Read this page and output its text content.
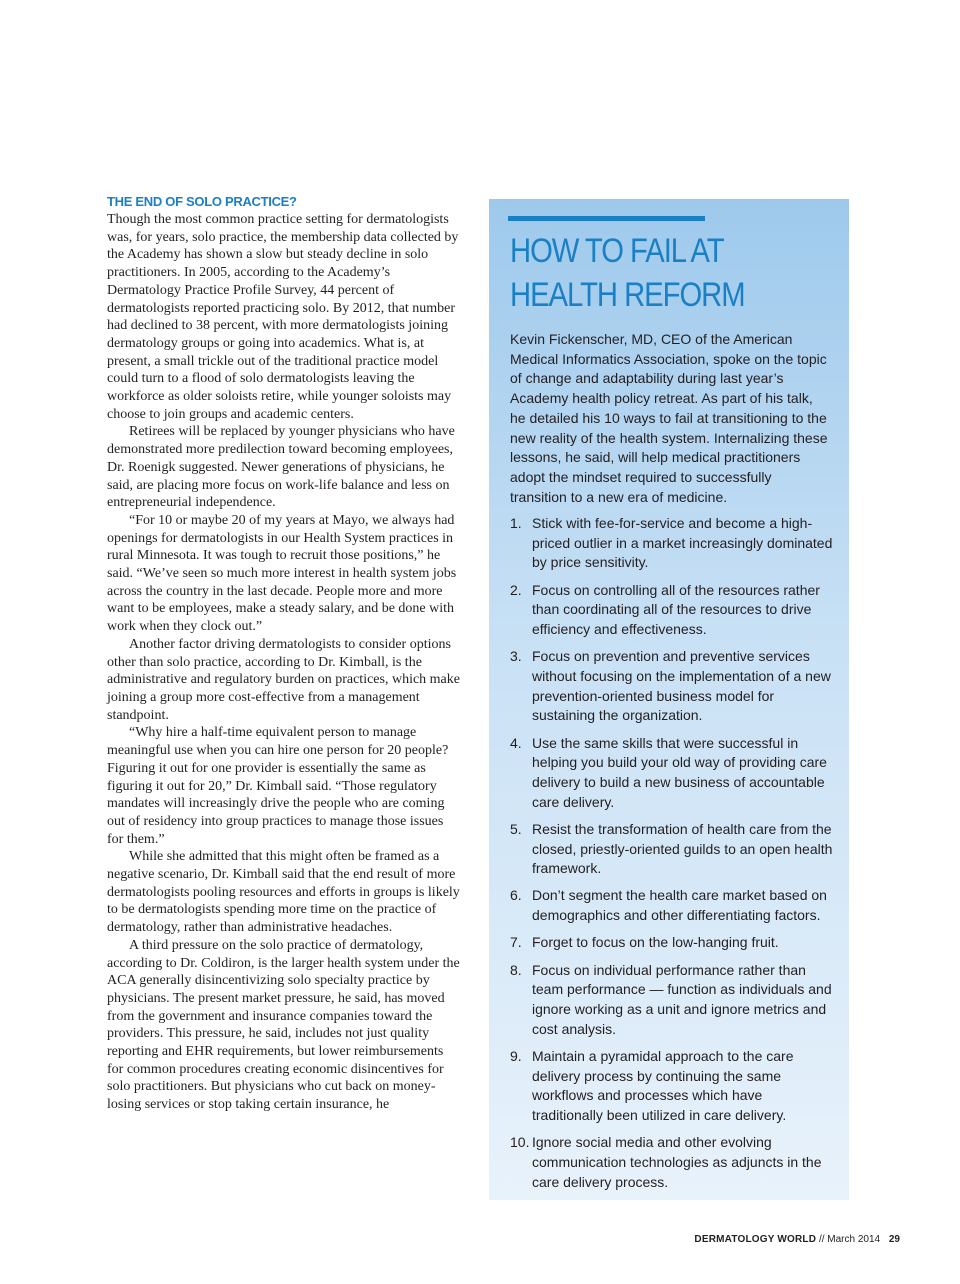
THE END OF SOLO PRACTICE?

Though the most common practice setting for dermatologists was, for years, solo practice, the membership data collected by the Academy has shown a slow but steady decline in solo practitioners. In 2005, according to the Academy’s Dermatology Practice Profile Survey, 44 percent of dermatologists reported practicing solo. By 2012, that number had declined to 38 percent, with more dermatologists joining dermatology groups or going into academics. What is, at present, a small trickle out of the traditional practice model could turn to a flood of solo dermatologists leaving the workforce as older soloists retire, while younger soloists may choose to join groups and academic centers.

Retirees will be replaced by younger physicians who have demonstrated more predilection toward becoming employees, Dr. Roenigk suggested. Newer generations of physicians, he said, are placing more focus on work-life balance and less on entrepreneurial independence.

“For 10 or maybe 20 of my years at Mayo, we always had openings for dermatologists in our Health System practices in rural Minnesota. It was tough to recruit those positions,” he said. “We’ve seen so much more interest in health system jobs across the country in the last decade. People more and more want to be employees, make a steady salary, and be done with work when they clock out.”

Another factor driving dermatologists to consider options other than solo practice, according to Dr. Kimball, is the administrative and regulatory burden on practices, which make joining a group more cost-effective from a management standpoint.

“Why hire a half-time equivalent person to manage meaningful use when you can hire one person for 20 people? Figuring it out for one provider is essentially the same as figuring it out for 20,” Dr. Kimball said. “Those regulatory mandates will increasingly drive the people who are coming out of residency into group practices to manage those issues for them.”

While she admitted that this might often be framed as a negative scenario, Dr. Kimball said that the end result of more dermatologists pooling resources and efforts in groups is likely to be dermatologists spending more time on the practice of dermatology, rather than administrative headaches.

A third pressure on the solo practice of dermatology, according to Dr. Coldiron, is the larger health system under the ACA generally disincentivizing solo specialty practice by physicians. The present market pressure, he said, has moved from the government and insurance companies toward the providers. This pressure, he said, includes not just quality reporting and EHR requirements, but lower reimbursements for common procedures creating economic disincentives for solo practitioners. But physicians who cut back on money-losing services or stop taking certain insurance, he

HOW TO FAIL AT HEALTH REFORM

Kevin Fickenscher, MD, CEO of the American Medical Informatics Association, spoke on the topic of change and adaptability during last year’s Academy health policy retreat. As part of his talk, he detailed his 10 ways to fail at transitioning to the new reality of the health system. Internalizing these lessons, he said, will help medical practitioners adopt the mindset required to successfully transition to a new era of medicine.

1. Stick with fee-for-service and become a high-priced outlier in a market increasingly dominated by price sensitivity.
2. Focus on controlling all of the resources rather than coordinating all of the resources to drive efficiency and effectiveness.
3. Focus on prevention and preventive services without focusing on the implementation of a new prevention-oriented business model for sustaining the organization.
4. Use the same skills that were successful in helping you build your old way of providing care delivery to build a new business of accountable care delivery.
5. Resist the transformation of health care from the closed, priestly-oriented guilds to an open health framework.
6. Don’t segment the health care market based on demographics and other differentiating factors.
7. Forget to focus on the low-hanging fruit.
8. Focus on individual performance rather than team performance — function as individuals and ignore working as a unit and ignore metrics and cost analysis.
9. Maintain a pyramidal approach to the care delivery process by continuing the same workflows and processes which have traditionally been utilized in care delivery.
10. Ignore social media and other evolving communication technologies as adjuncts in the care delivery process.
DERMATOLOGY WORLD // March 2014 29
